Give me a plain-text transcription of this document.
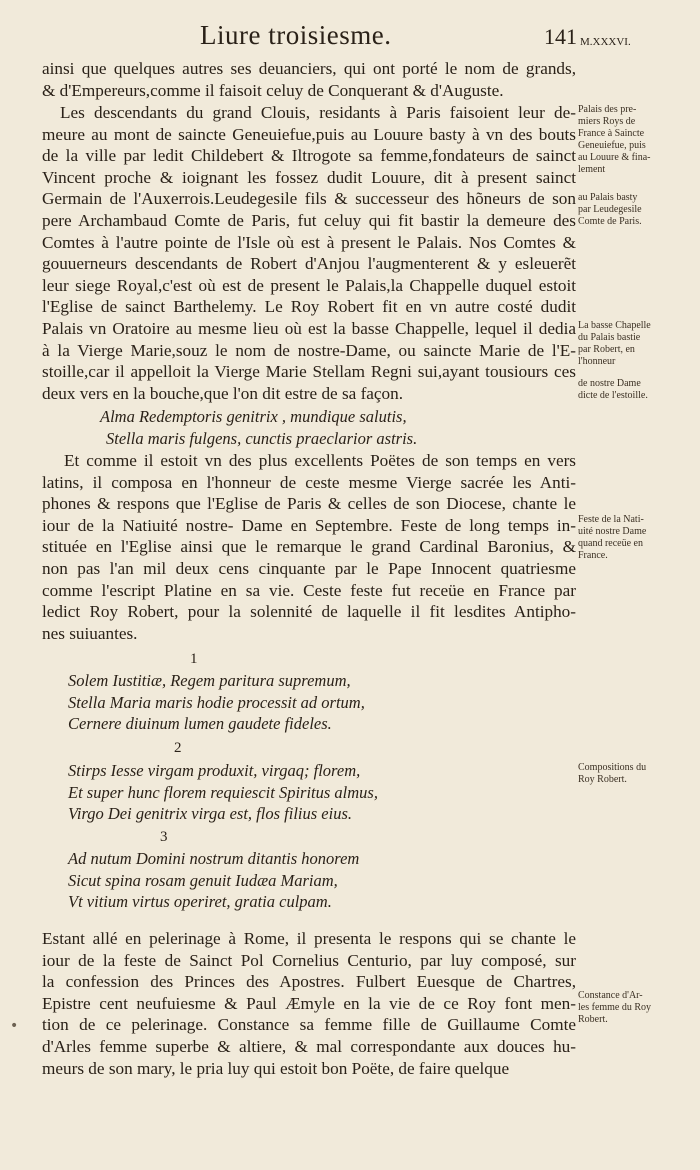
Liure troisiesme.	141 M.XXXVI.
ainsi que quelques autres ses deuanciers, qui ont porté le nom de grands,
& d'Empereurs,comme il faisoit celuy de Conquerant & d'Auguste.
Les descendants du grand Clouis, residants à Paris faisoient leur de-
meure au mont de saincte Geneuiefue,puis au Louure basty à vn des bouts
de la ville par ledit Childebert & Iltrogote sa femme,fondateurs de sainct
Vincent proche & ioignant les fossez dudit Louure, dit à present sainct
Germain de l'Auxerrois.Leudegesile fils & successeur des hõneurs de son
pere Archambaud Comte de Paris, fut celuy qui fit bastir la demeure des
Comtes à l'autre pointe de l'Isle où est à present le Palais. Nos Comtes &
gouuerneurs descendants de Robert d'Anjou l'augmenterent & y esleuerẽt
leur siege Royal,c'est où est de present le Palais,la Chappelle duquel estoit
l'Eglise de sainct Barthelemy. Le Roy Robert fit en vn autre costé dudit
Palais vn Oratoire au mesme lieu où est la basse Chappelle, lequel il dedia
à la Vierge Marie,souz le nom de nostre-Dame, ou saincte Marie de l'E-
stoille,car il appelloit la Vierge Marie Stellam Regni sui,ayant tousiours ces
deux vers en la bouche,que l'on dit estre de sa façon.
Alma Redemptoris genitrix , mundique salutis,
Stella maris fulgens, cunctis praeclarior astris.
Et comme il estoit vn des plus excellents Poëtes de son temps en vers
latins, il composa en l'honneur de ceste mesme Vierge sacrée les Anti-
phones & respons que l'Eglise de Paris & celles de son Diocese, chante le
iour de la Natiuité nostre- Dame en Septembre. Feste de long temps in-
stituée en l'Eglise ainsi que le remarque le grand Cardinal Baronius, &
non pas l'an mil deux cens cinquante par le Pape Innocent quatriesme
comme l'escript Platine en sa vie. Ceste feste fut receüe en France par
ledict Roy Robert, pour la solennité de laquelle il fit lesdites Antipho-
nes suiuantes.
1
Solem Iustitiæ, Regem paritura supremum,
Stella Maria maris hodie processit ad ortum,
Cernere diuinum lumen gaudete fideles.
2
Stirps Iesse virgam produxit, virgaq; florem,
Et super hunc florem requiescit Spiritus almus,
Virgo Dei genitrix virga est, flos filius eius.
3
Ad nutum Domini nostrum ditantis honorem
Sicut spina rosam genuit Iudæa Mariam,
Vt vitium virtus operiret, gratia culpam.
Estant allé en pelerinage à Rome, il presenta le respons qui se chante le
iour de la feste de Sainct Pol Cornelius Centurio, par luy composé, sur
la confession des Princes des Apostres. Fulbert Euesque de Chartres,
Epistre cent neufuiesme & Paul Æmyle en la vie de ce Roy font men-
tion de ce pelerinage. Constance sa femme fille de Guillaume Comte
d'Arles femme superbe & altiere, & mal correspondante aux douces hu-
meurs de son mary, le pria luy qui estoit bon Poëte, de faire quelque
Palais des pre-
miers Roys de
France à Saincte
Geneuiefue, puis
au Louure & fina-
lement
au Palais basty
par Leudegesile
Comte de Paris.
La basse Chapelle
du Palais bastie
par Robert, en
l'honneur
de nostre Dame
dicte de l'estoille.
Feste de la Nati-
uité nostre Dame
quand receüe en
France.
Compositions du
Roy Robert.
Constance d'Ar-
les femme du Roy
Robert.
•
